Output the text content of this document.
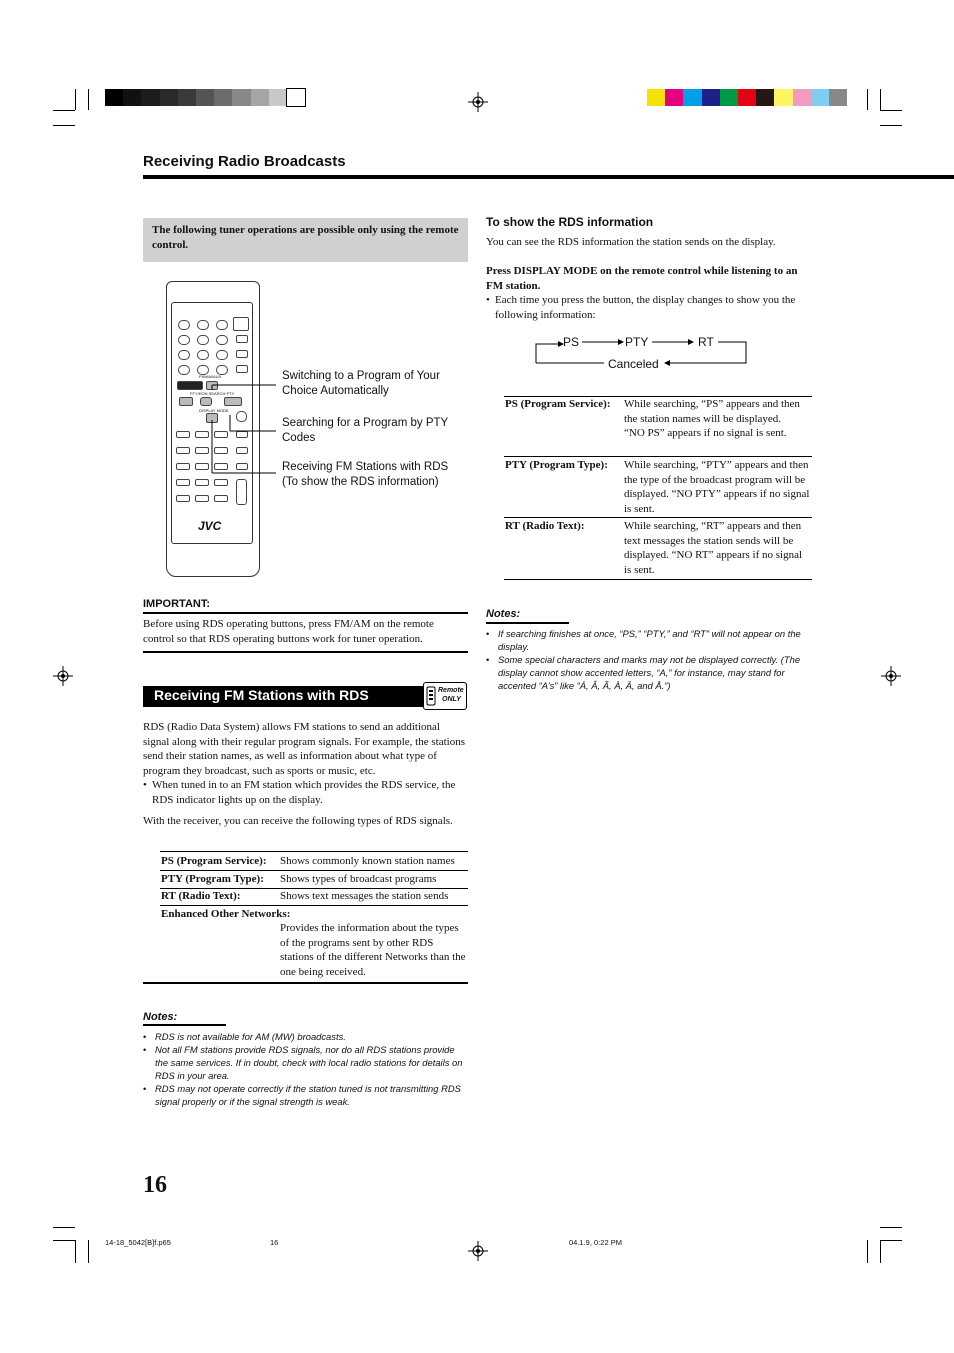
Receiving Radio Broadcasts
The following tuner operations are possible only using the remote control.
FM/AM/AUX
PTY/EON SEARCH PTY
DISPLAY MODE
JVC
Switching to a Program of Your Choice Automatically
Searching for a Program by PTY Codes
Receiving FM Stations with RDS (To show the RDS information)
IMPORTANT:
Before using RDS operating buttons, press FM/AM on the remote control so that RDS operating buttons work for tuner operation.
Receiving FM Stations with RDS	Remote
ONLY
RDS (Radio Data System) allows FM stations to send an additional signal along with their regular program signals. For example, the stations send their station names, as well as information about what type of program they broadcast, such as sports or music, etc.
• When tuned in to an FM station which provides the RDS service, the RDS indicator lights up on the display.
With the receiver, you can receive the following types of RDS signals.
PS (Program Service): Shows commonly known station names
PTY (Program Type): Shows types of broadcast programs
RT (Radio Text):	Shows text messages the station sends
Enhanced Other Networks:
Provides the information about the types of the programs sent by other RDS stations of the different Networks than the one being received.
Notes:
• RDS is not available for AM (MW) broadcasts.
• Not all FM stations provide RDS signals, nor do all RDS stations provide the same services. If in doubt, check with local radio stations for details on RDS in your area.
• RDS may not operate correctly if the station tuned is not transmitting RDS signal properly or if the signal strength is weak.
To show the RDS information
You can see the RDS information the station sends on the display.
Press DISPLAY MODE on the remote control while listening to an FM station.
• Each time you press the button, the display changes to show you the following information:
PS	PTY	RT
Canceled
PS (Program Service): While searching, “PS” appears and then the station names will be displayed. “NO PS” appears if no signal is sent.
PTY (Program Type): While searching, “PTY” appears and then the type of the broadcast program will be displayed. “NO PTY” appears if no signal is sent.
RT (Radio Text):	While searching, “RT” appears and then text messages the station sends will be displayed. “NO RT” appears if no signal is sent.
Notes:
• If searching finishes at once, “PS,” “PTY,” and “RT” will not appear on the display.
• Some special characters and marks may not be displayed correctly. (The display cannot show accented letters, “A,” for instance, may stand for accented “A’s” like “Á, Â, Ã, À, Ä, and Å.”)
16
14-18_5042[B]f.p65	16	04.1.9, 0:22 PM
